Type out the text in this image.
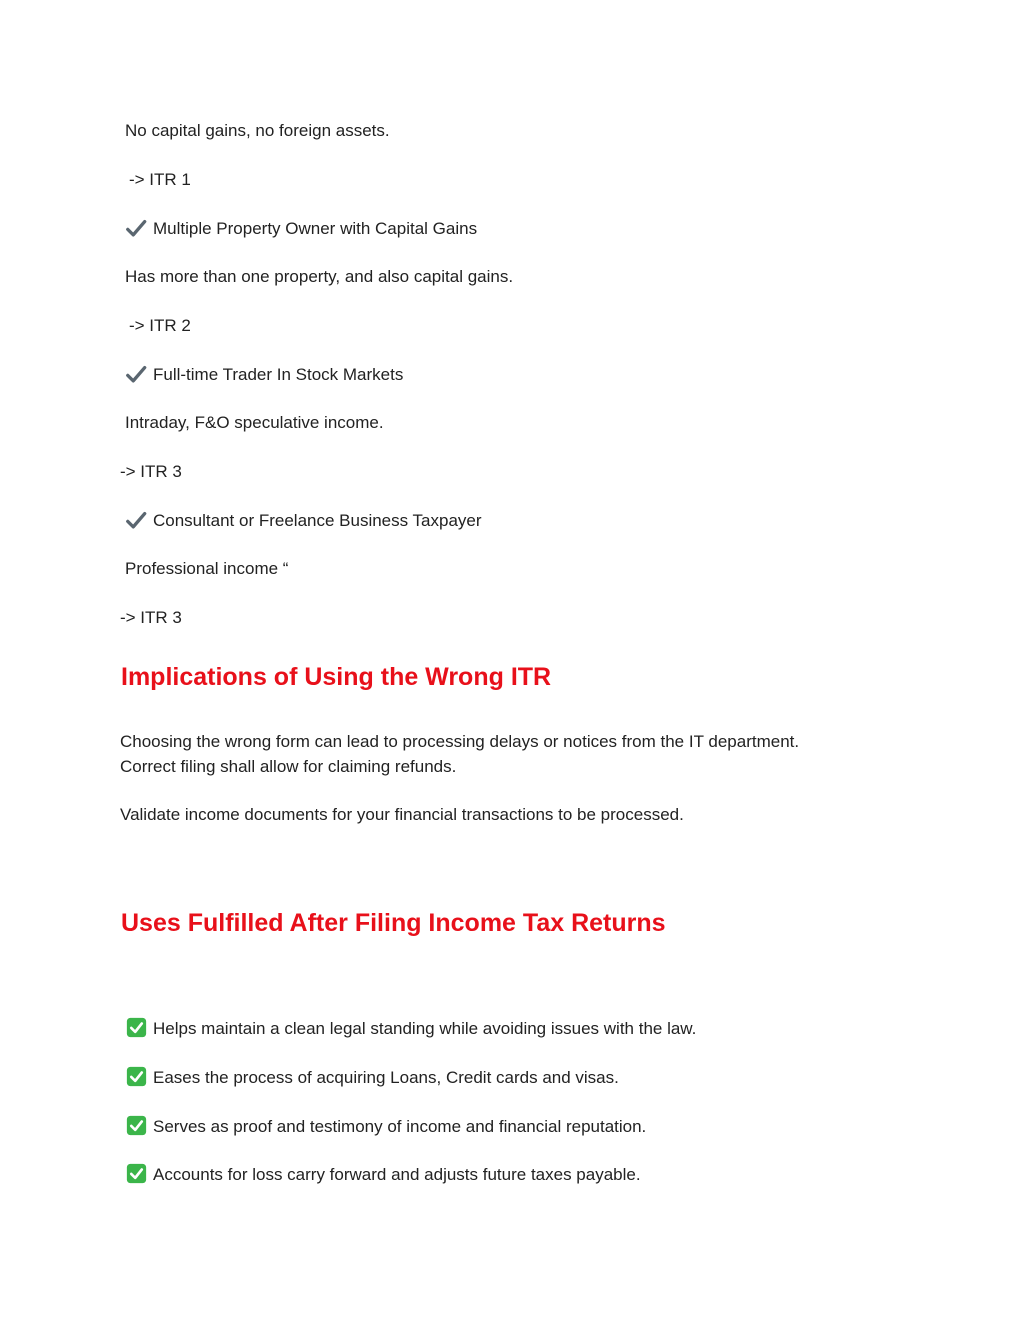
No capital gains, no foreign assets.
-> ITR 1
Multiple Property Owner with Capital Gains
Has more than one property, and also capital gains.
-> ITR 2
Full-time Trader In Stock Markets
Intraday, F&O speculative income.
-> ITR 3
Consultant or Freelance Business Taxpayer
Professional income “
-> ITR 3
Implications of Using the Wrong ITR
Choosing the wrong form can lead to processing delays or notices from the IT department.
Correct filing shall allow for claiming refunds.
Validate income documents for your financial transactions to be processed.
Uses Fulfilled After Filing Income Tax Returns
Helps maintain a clean legal standing while avoiding issues with the law.
Eases the process of acquiring Loans, Credit cards and visas.
Serves as proof and testimony of income and financial reputation.
Accounts for loss carry forward and adjusts future taxes payable.
